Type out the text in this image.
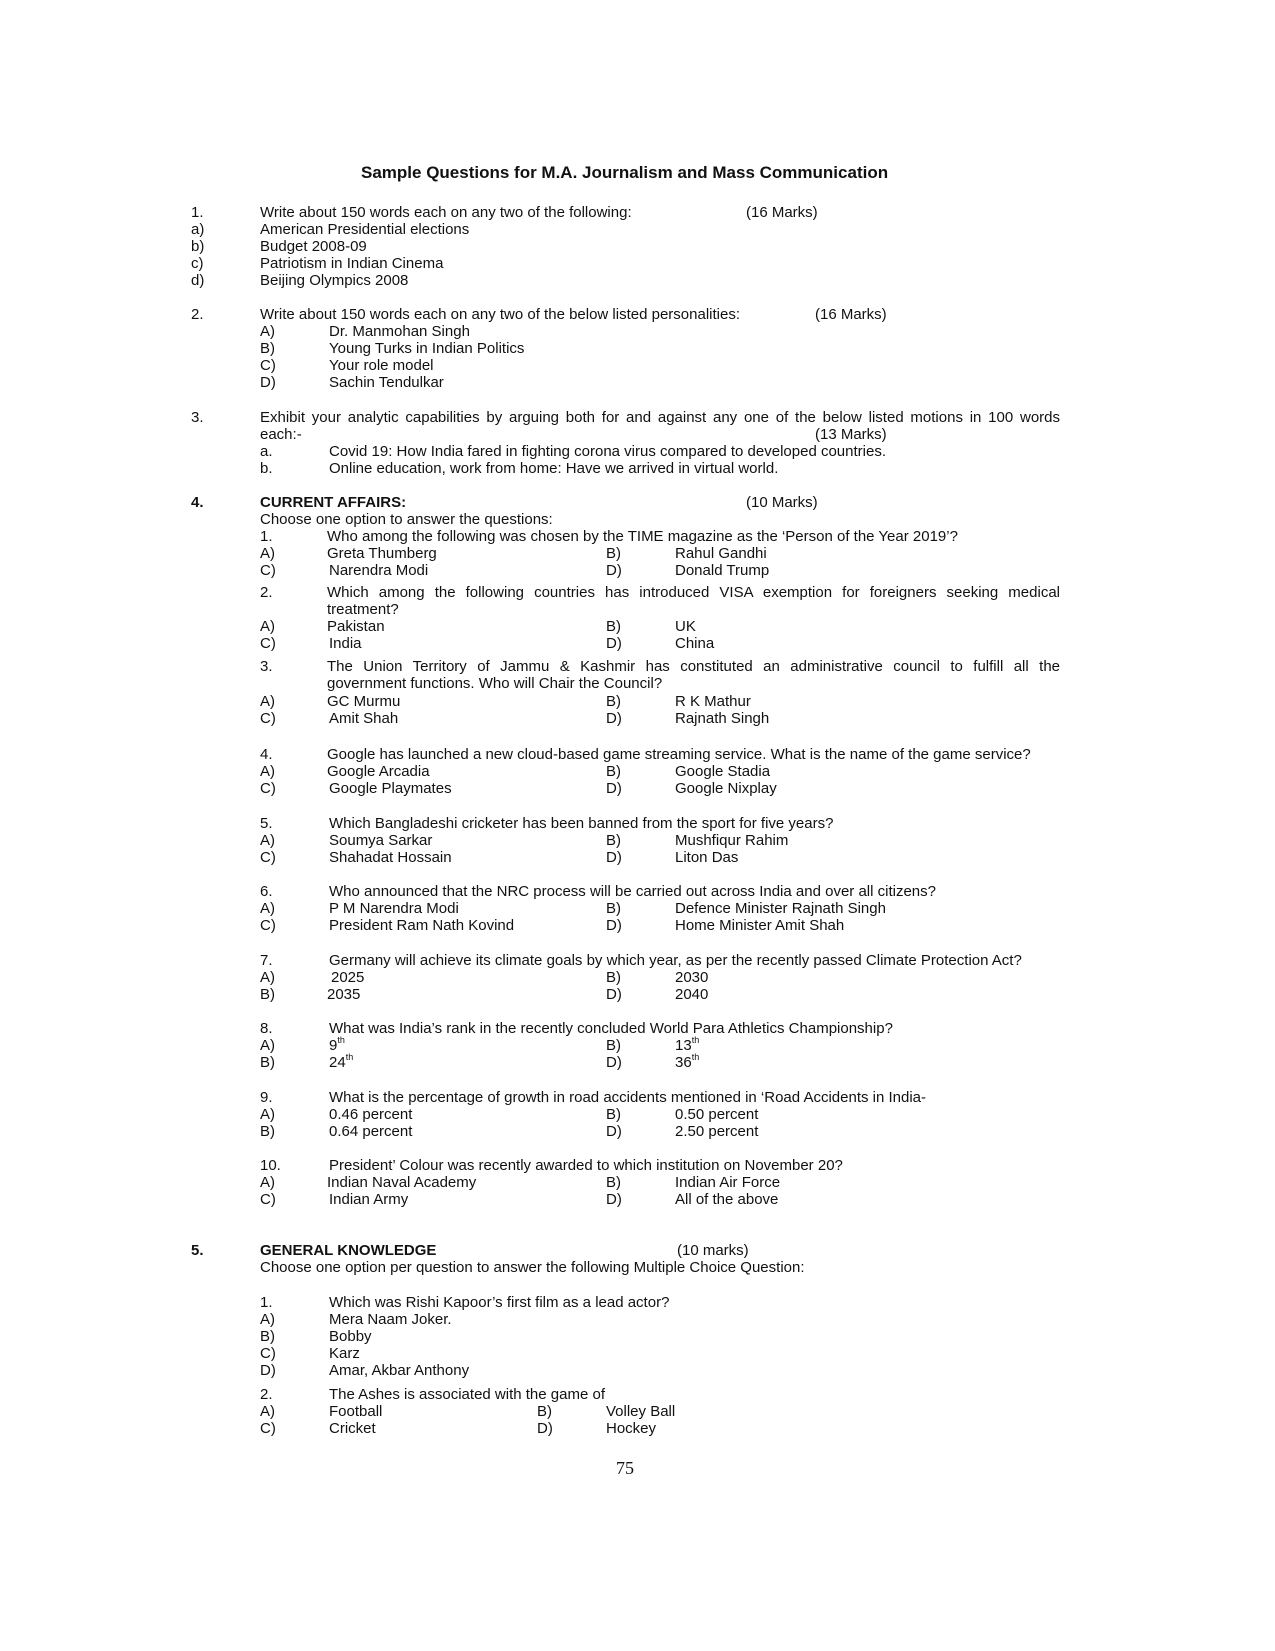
Sample Questions for M.A. Journalism and Mass Communication
1.	Write about 150 words each on any two of the following:	(16 Marks)
a)	American Presidential elections
b)	Budget 2008-09
c)	Patriotism in Indian Cinema
d)	Beijing Olympics 2008
2.	Write about 150 words each on any two of the below listed personalities:	(16 Marks)
A)	Dr. Manmohan Singh
B)	Young Turks in Indian Politics
C)	Your role model
D)	Sachin Tendulkar
3.	Exhibit your analytic capabilities by arguing both for and against any one of the below listed motions in 100 words
each:-	(13 Marks)
a.	Covid 19: How India fared in fighting corona virus compared to developed countries.
b.	Online education, work from home: Have we arrived in virtual world.
4.	CURRENT AFFAIRS:	(10 Marks)
Choose one option to answer the questions:
1.	Who among the following was chosen by the TIME magazine as the ‘Person of the Year 2019’?
A)	Greta Thumberg	B)	Rahul Gandhi
C)	Narendra Modi	D)	Donald Trump
2.	Which among the following countries has introduced VISA exemption for foreigners seeking medical
treatment?
A)	Pakistan	B)	UK
C)	India	D)	China
3.	The Union Territory of Jammu & Kashmir has constituted an administrative council to fulfill all the
government functions. Who will Chair the Council?
A)	GC Murmu	B)	R K Mathur
C)	Amit Shah	D)	Rajnath Singh
4.	Google has launched a new cloud-based game streaming service. What is the name of the game service?
A)	Google Arcadia	B)	Google Stadia
C)	Google Playmates	D)	Google Nixplay
5.	Which Bangladeshi cricketer has been banned from the sport for five years?
A)	Soumya Sarkar	B)	Mushfiqur Rahim
C)	Shahadat Hossain	D)	Liton Das
6.	Who announced that the NRC process will be carried out across India and over all citizens?
A)	P M Narendra Modi	B)	Defence Minister Rajnath Singh
C)	President Ram Nath Kovind	D)	Home Minister Amit Shah
7.	Germany will achieve its climate goals by which year, as per the recently passed Climate Protection Act?
A)	2025	B)	2030
B)	2035	D)	2040
8.	What was India’s rank in the recently concluded World Para Athletics Championship?
A)	9th	B)	13th
B)	24th	D)	36th
9.	What is the percentage of growth in road accidents mentioned in ‘Road Accidents in India-
A)	0.46 percent	B)	0.50 percent
B)	0.64 percent	D)	2.50 percent
10.	President’ Colour was recently awarded to which institution on November 20?
A)	Indian Naval Academy	B)	Indian Air Force
C)	Indian Army	D)	All of the above
5.	GENERAL KNOWLEDGE	(10 marks)
Choose one option per question to answer the following Multiple Choice Question:
1.	Which was Rishi Kapoor’s first film as a lead actor?
A)	Mera Naam Joker.
B)	Bobby
C)	Karz
D)	Amar, Akbar Anthony
2.	The Ashes is associated with the game of
A)	Football	B)	Volley Ball
C)	Cricket	D)	Hockey
75
